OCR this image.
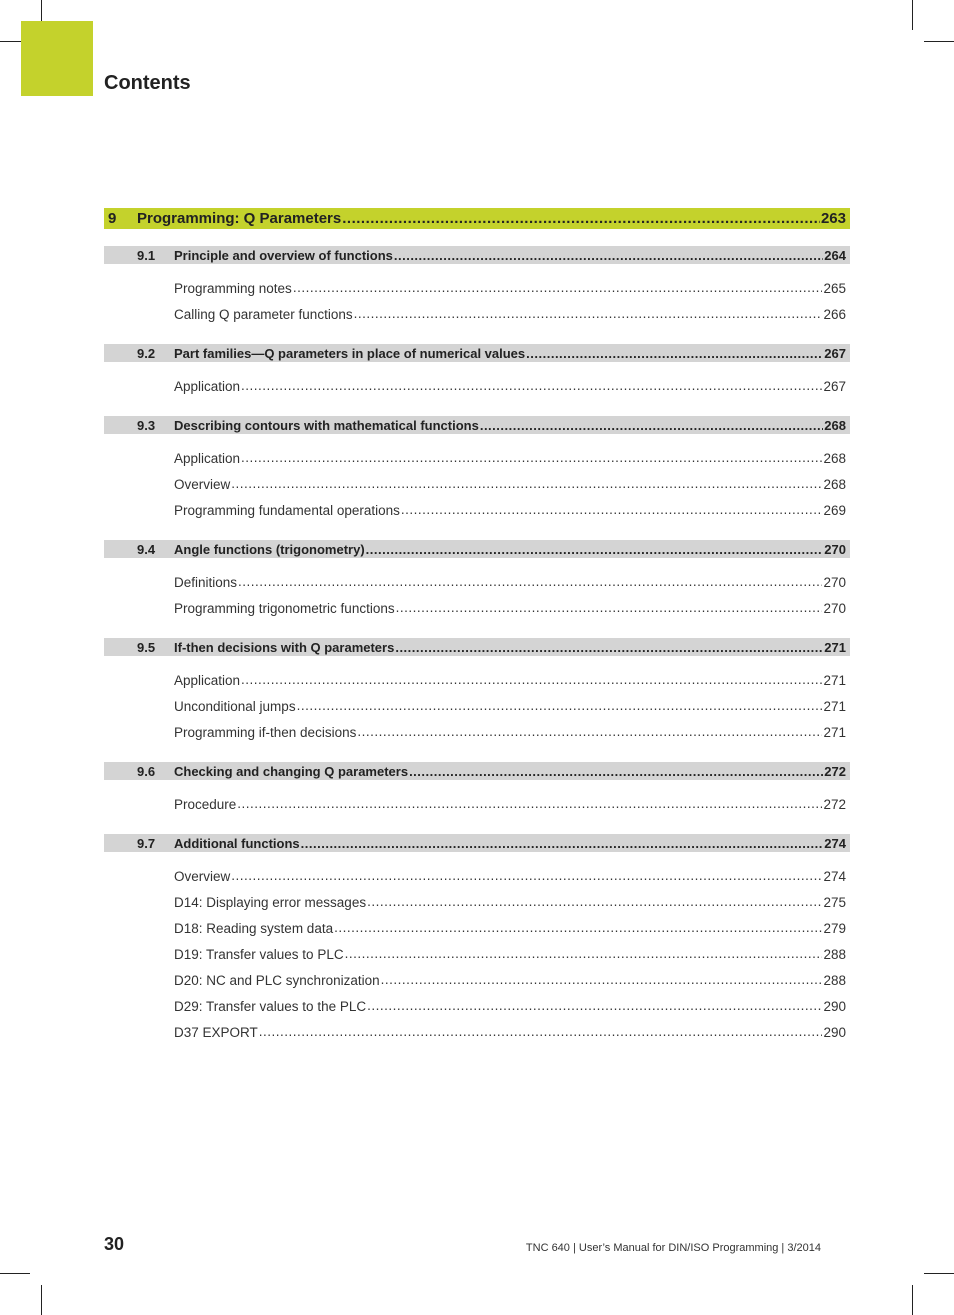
Contents
9	Programming: Q Parameters .....	263
9.1	Principle and overview of functions .....	264
Programming notes .....	265
Calling Q parameter functions .....	266
9.2	Part families—Q parameters in place of numerical values .....	267
Application .....	267
9.3	Describing contours with mathematical functions .....	268
Application .....	268
Overview .....	268
Programming fundamental operations .....	269
9.4	Angle functions (trigonometry) .....	270
Definitions .....	270
Programming trigonometric functions .....	270
9.5	If-then decisions with Q parameters .....	271
Application .....	271
Unconditional jumps .....	271
Programming if-then decisions .....	271
9.6	Checking and changing Q parameters .....	272
Procedure .....	272
9.7	Additional functions .....	274
Overview .....	274
D14: Displaying error messages .....	275
D18: Reading system data .....	279
D19: Transfer values to PLC .....	288
D20: NC and PLC synchronization .....	288
D29: Transfer values to the PLC .....	290
D37 EXPORT .....	290
30	TNC 640 | User’s Manual for DIN/ISO Programming | 3/2014
